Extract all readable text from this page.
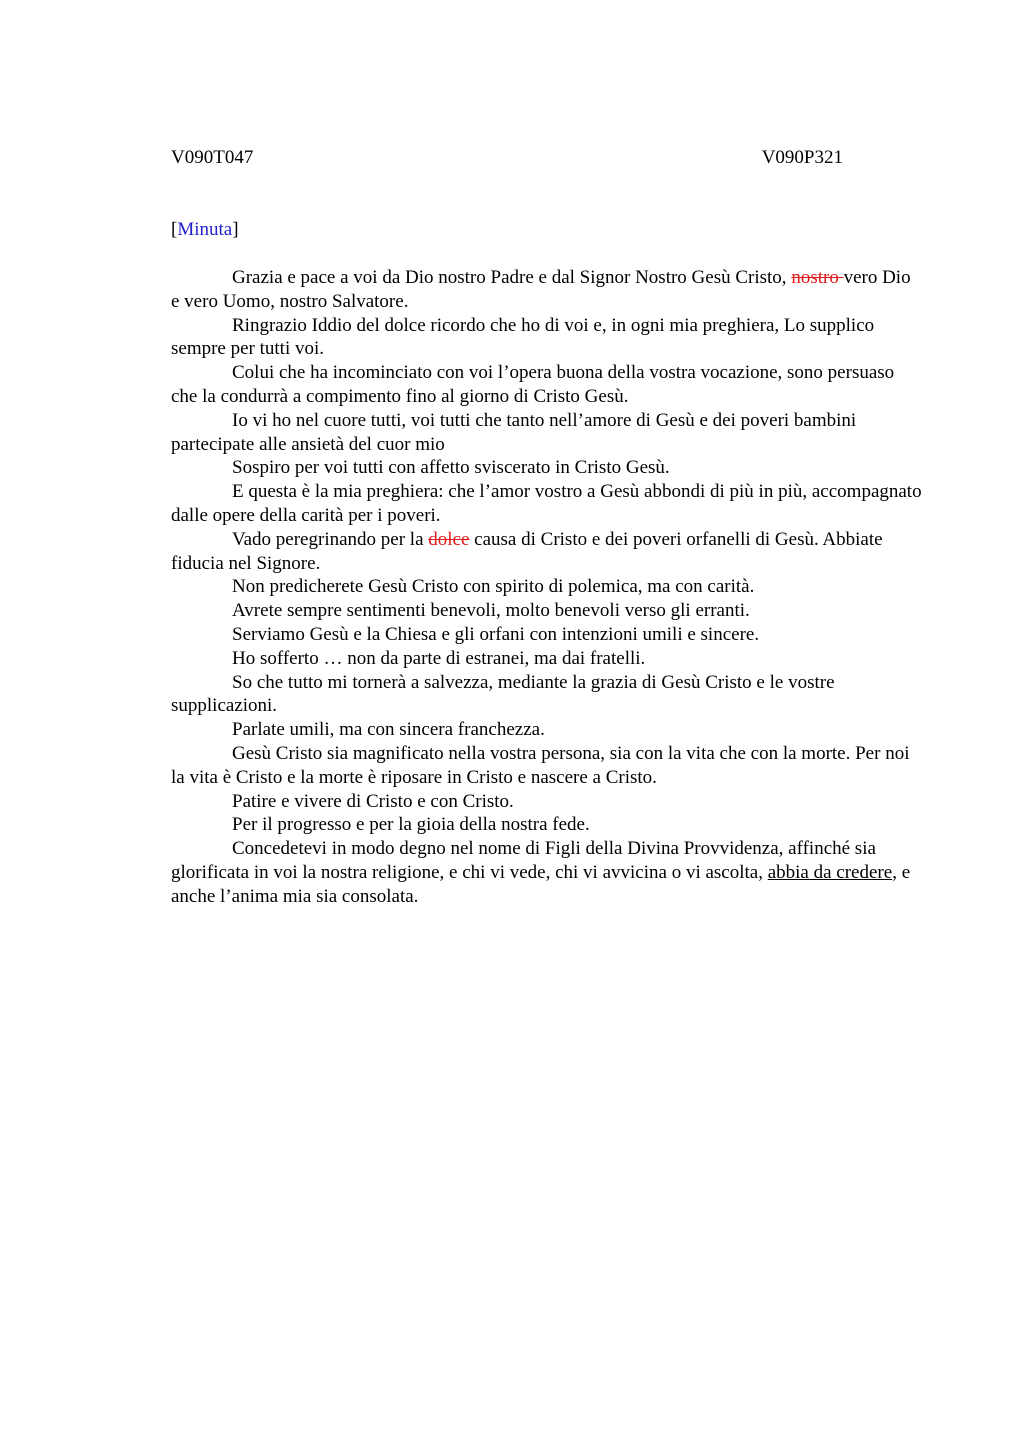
V090T047	V090P321
[Minuta]

Grazia e pace a voi da Dio nostro Padre e dal Signor Nostro Gesù Cristo, nostro vero Dio e vero Uomo, nostro Salvatore.

Ringrazio Iddio del dolce ricordo che ho di voi e, in ogni mia preghiera, Lo supplico sempre per tutti voi.

Colui che ha incominciato con voi l’opera buona della vostra vocazione, sono persuaso che la condurrà a compimento fino al giorno di Cristo Gesù.

Io vi ho nel cuore tutti, voi tutti che tanto nell’amore di Gesù e dei poveri bambini partecipate alle ansietà del cuor mio

Sospiro per voi tutti con affetto sviscerato in Cristo Gesù.

E questa è la mia preghiera: che l’amor vostro a Gesù abbondi di più in più, accompagnato dalle opere della carità per i poveri.

Vado peregrinando per la dolce causa di Cristo e dei poveri orfanelli di Gesù. Abbiate fiducia nel Signore.

Non predicherete Gesù Cristo con spirito di polemica, ma con carità.

Avrete sempre sentimenti benevoli, molto benevoli verso gli erranti.

Serviamo Gesù e la Chiesa e gli orfani con intenzioni umili e sincere.

Ho sofferto … non da parte di estranei, ma dai fratelli.

So che tutto mi tornerà a salvezza, mediante la grazia di Gesù Cristo e le vostre supplicazioni.

Parlate umili, ma con sincera franchezza.

Gesù Cristo sia magnificato nella vostra persona, sia con la vita che con la morte. Per noi la vita è Cristo e la morte è riposare in Cristo e nascere a Cristo.

Patire e vivere di Cristo e con Cristo.

Per il progresso e per la gioia della nostra fede.

Concedetevi in modo degno nel nome di Figli della Divina Provvidenza, affinché sia glorificata in voi la nostra religione, e chi vi vede, chi vi avvicina o vi ascolta, abbia da credere, e anche l’anima mia sia consolata.
